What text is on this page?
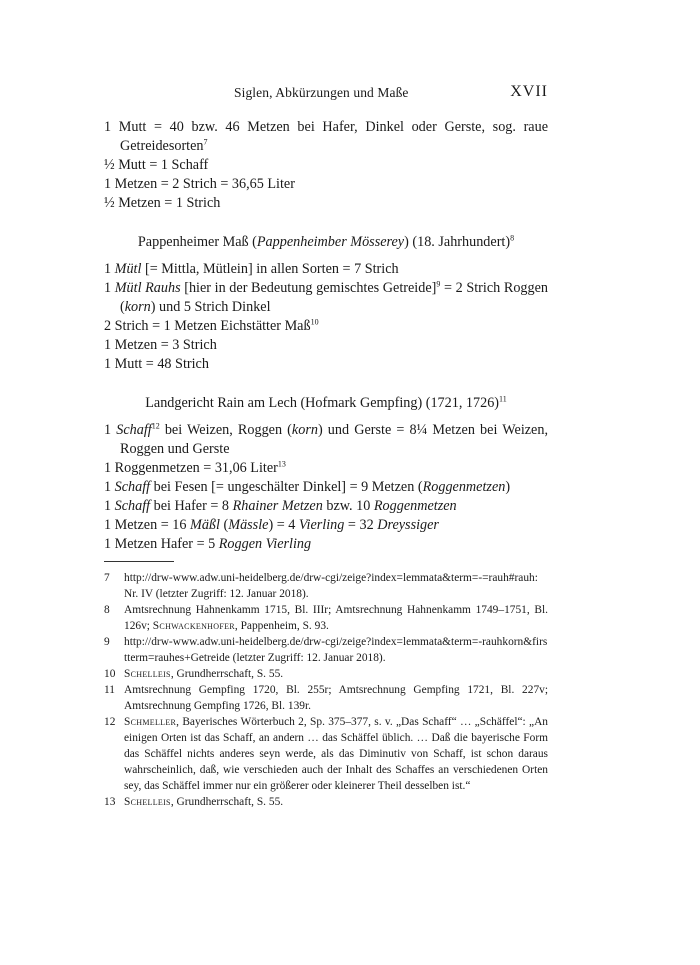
Siglen, Abkürzungen und Maße	XVII
1 Mutt = 40 bzw. 46 Metzen bei Hafer, Dinkel oder Gerste, sog. raue Getreidesorten$^7$
½ Mutt = 1 Schaff
1 Metzen = 2 Strich = 36,65 Liter
½ Metzen = 1 Strich
Pappenheimer Maß (Pappenheimber Mösserey) (18. Jahrhundert)$^8$
1 Mütl [= Mittla, Mütlein] in allen Sorten = 7 Strich
1 Mütl Rauhs [hier in der Bedeutung gemischtes Getreide]$^9$ = 2 Strich Roggen (korn) und 5 Strich Dinkel
2 Strich = 1 Metzen Eichstätter Maß$^{10}$
1 Metzen = 3 Strich
1 Mutt = 48 Strich
Landgericht Rain am Lech (Hofmark Gempfing) (1721, 1726)$^{11}$
1 Schaff$^{12}$ bei Weizen, Roggen (korn) und Gerste = 8¼ Metzen bei Weizen, Roggen und Gerste
1 Roggenmetzen = 31,06 Liter$^{13}$
1 Schaff bei Fesen [= ungeschälter Dinkel] = 9 Metzen (Roggenmetzen)
1 Schaff bei Hafer = 8 Rhainer Metzen bzw. 10 Roggenmetzen
1 Metzen = 16 Mäßl (Mässle) = 4 Vierling = 32 Dreyssiger
1 Metzen Hafer = 5 Roggen Vierling

7	http://drw-www.adw.uni-heidelberg.de/drw-cgi/zeige?index=lemmata&term=-=rauh#rauh: Nr. IV (letzter Zugriff: 12. Januar 2018).

8	Amtsrechnung Hahnenkamm 1715, Bl. IIIr; Amtsrechnung Hahnenkamm 1749–1751, Bl. 126v; Schwackenhofer, Pappenheim, S. 93.

9	http://drw-www.adw.uni-heidelberg.de/drw-cgi/zeige?index=lemmata&term=-rauhkorn&firstterm=rauhes+Getreide (letzter Zugriff: 12. Januar 2018).

10 Schelleis, Grundherrschaft, S. 55.

11 Amtsrechnung Gempfing 1720, Bl. 255r; Amtsrechnung Gempfing 1721, Bl. 227v; Amtsrechnung Gempfing 1726, Bl. 139r.

12 Schmeller, Bayerisches Wörterbuch 2, Sp. 375–377, s. v. „Das Schaff“ … „Schäffel“: „An einigen Orten ist das Schaff, an andern … das Schäffel üblich. … Daß die bayerische Form das Schäffel nichts anderes seyn werde, als das Diminutiv von Schaff, ist schon daraus wahrscheinlich, daß, wie verschieden auch der Inhalt des Schaffes an verschiedenen Orten sey, das Schäffel immer nur ein größerer oder kleinerer Theil desselben ist.“

13 Schelleis, Grundherrschaft, S. 55.
